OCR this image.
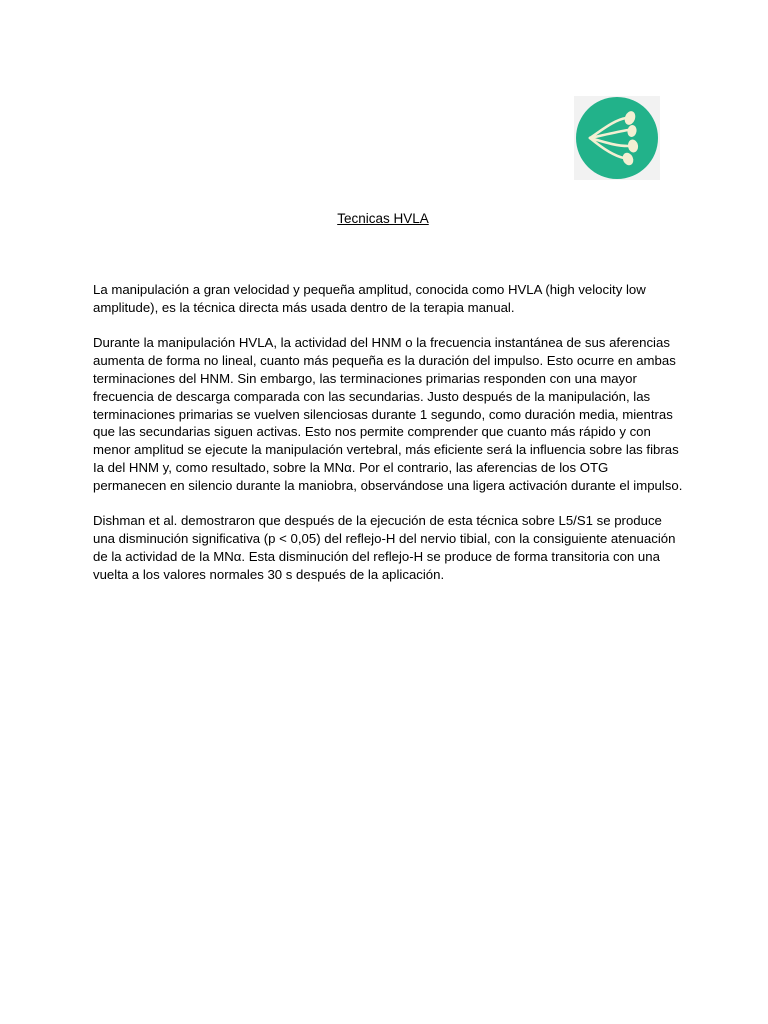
Tecnicas HVLA

La manipulación a gran velocidad y pequeña amplitud, conocida como HVLA (high velocity low amplitude), es la técnica directa más usada dentro de la terapia manual.

Durante la manipulación HVLA, la actividad del HNM o la frecuencia instantánea de sus aferencias aumenta de forma no lineal, cuanto más pequeña es la duración del impulso. Esto ocurre en ambas terminaciones del HNM. Sin embargo, las terminaciones primarias responden con una mayor frecuencia de descarga comparada con las secundarias. Justo después de la manipulación, las terminaciones primarias se vuelven silenciosas durante 1 segundo, como duración media, mientras que las secundarias siguen activas. Esto nos permite comprender que cuanto más rápido y con menor amplitud se ejecute la manipulación vertebral, más eficiente será la influencia sobre las fibras Ia del HNM y, como resultado, sobre la MNα. Por el contrario, las aferencias de los OTG permanecen en silencio durante la maniobra, observándose una ligera activación durante el impulso.

Dishman et al. demostraron que después de la ejecución de esta técnica sobre L5/S1 se produce una disminución significativa (p < 0,05) del reflejo-H del nervio tibial, con la consiguiente atenuación de la actividad de la MNα. Esta disminución del reflejo-H se produce de forma transitoria con una vuelta a los valores normales 30 s después de la aplicación.
